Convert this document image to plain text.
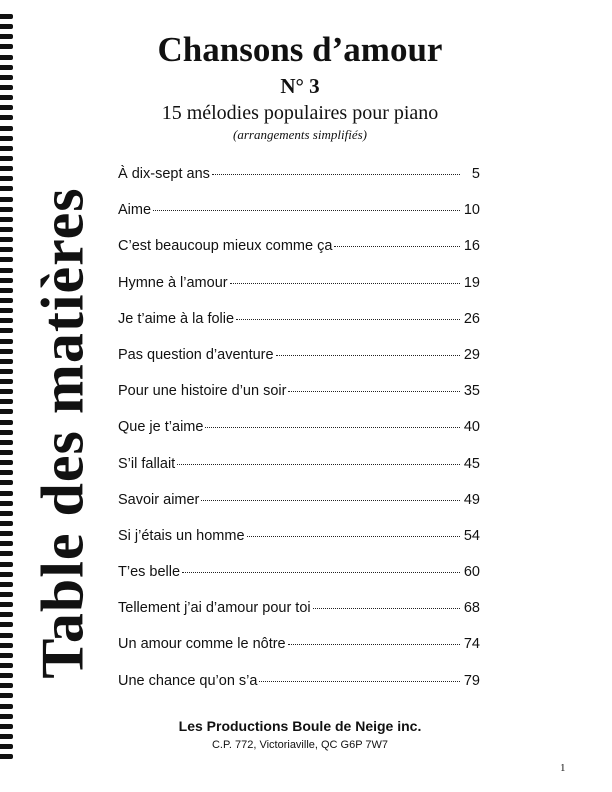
Table des matières
Chansons d’amour
N° 3
15 mélodies populaires pour piano
(arrangements simplifiés)
À dix-sept ans	5
Aime	10
C’est beaucoup mieux comme ça	16
Hymne à l’amour	19
Je t’aime à la folie	26
Pas question d’aventure	29
Pour une histoire d’un soir	35
Que je t’aime	40
S’il fallait	45
Savoir aimer	49
Si j’étais un homme	54
T’es belle	60
Tellement j’ai d’amour pour toi	68
Un amour comme le nôtre	74
Une chance qu’on s’a	79
Les Productions Boule de Neige inc.
C.P. 772, Victoriaville, QC G6P 7W7
1
